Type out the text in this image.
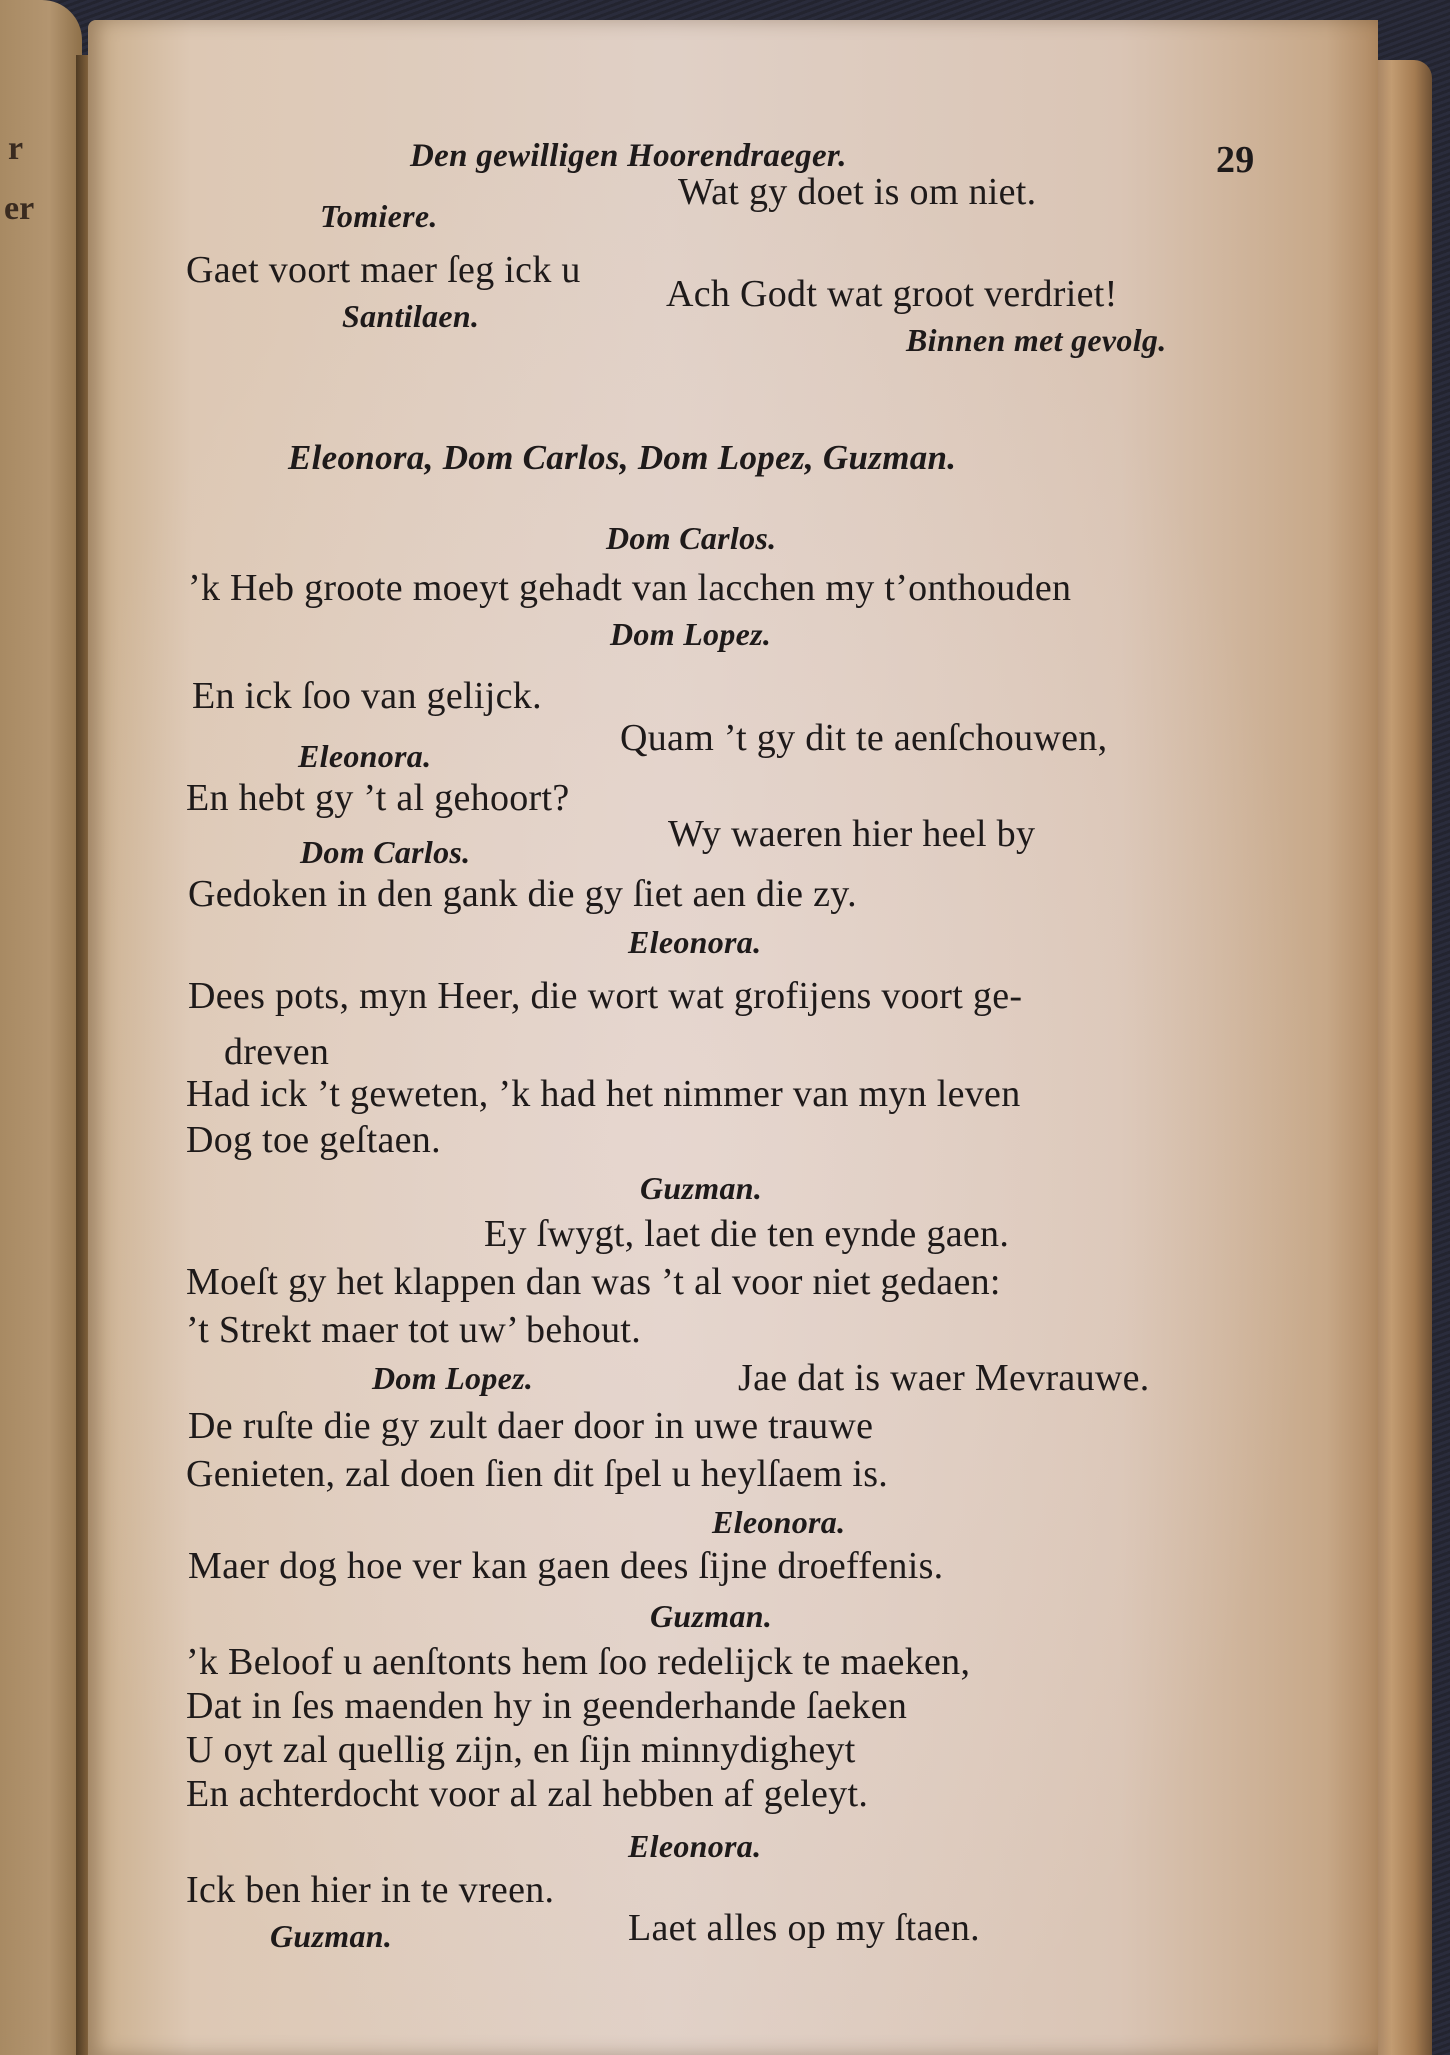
r
er
Den gewilligen Hoorendraeger.	29
Wat gy doet is om niet.
Tomiere.
Gaet voort maer ſeg ick u
Ach Godt wat groot verdriet!
Santilaen.
Binnen met gevolg.
Eleonora, Dom Carlos, Dom Lopez, Guzman.
Dom Carlos.
’k Heb groote moeyt gehadt van lacchen my t’onthouden
Dom Lopez.
En ick ſoo van gelijck.
Eleonora.	Quam ’t gy dit te aenſchouwen,
En hebt gy ’t al gehoort?
Dom Carlos.	Wy waeren hier heel by
Gedoken in den gank die gy ſiet aen die zy.
Eleonora.
Dees pots, myn Heer, die wort wat grofijens voort ge-
dreven
Had ick ’t geweten, ’k had het nimmer van myn leven
Dog toe geſtaen.
Guzman.
Ey ſwygt, laet die ten eynde gaen.
Moeſt gy het klappen dan was ’t al voor niet gedaen:
’t Strekt maer tot uw’ behout.
Dom Lopez.	Jae dat is waer Mevrauwe.
De ruſte die gy zult daer door in uwe trauwe
Genieten, zal doen ſien dit ſpel u heylſaem is.
Eleonora.
Maer dog hoe ver kan gaen dees ſijne droeffenis.
Guzman.
’k Beloof u aenſtonts hem ſoo redelijck te maeken,
Dat in ſes maenden hy in geenderhande ſaeken
U oyt zal quellig zijn, en ſijn minnydigheyt
En achterdocht voor al zal hebben af geleyt.
Eleonora.
Ick ben hier in te vreen.
Guzman.	Laet alles op my ſtaen.
